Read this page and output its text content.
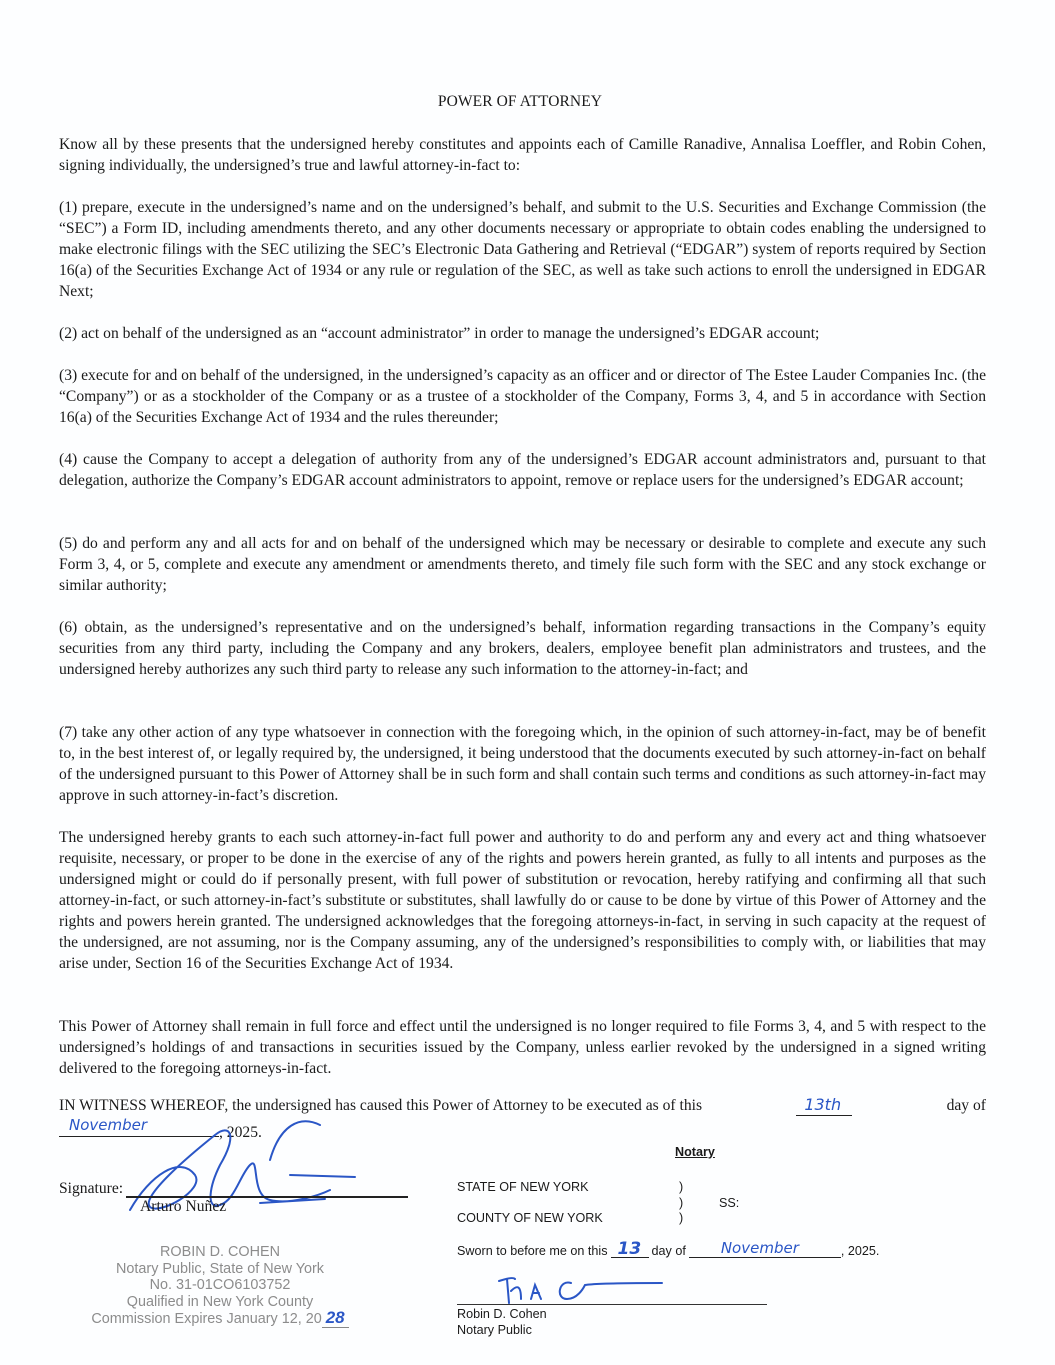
POWER OF ATTORNEY

Know all by these presents that the undersigned hereby constitutes and appoints each of Camille Ranadive, Annalisa Loeffler, and Robin Cohen, signing individually, the undersigned’s true and lawful attorney-in-fact to:

(1) prepare, execute in the undersigned’s name and on the undersigned’s behalf, and submit to the U.S. Securities and Exchange Commission (the “SEC”) a Form ID, including amendments thereto, and any other documents necessary or appropriate to obtain codes enabling the undersigned to make electronic filings with the SEC utilizing the SEC’s Electronic Data Gathering and Retrieval (“EDGAR”) system of reports required by Section 16(a) of the Securities Exchange Act of 1934 or any rule or regulation of the SEC, as well as take such actions to enroll the undersigned in EDGAR Next;

(2) act on behalf of the undersigned as an “account administrator” in order to manage the undersigned’s EDGAR account;

(3) execute for and on behalf of the undersigned, in the undersigned’s capacity as an officer and or director of The Estee Lauder Companies Inc. (the “Company”) or as a stockholder of the Company or as a trustee of a stockholder of the Company, Forms 3, 4, and 5 in accordance with Section 16(a) of the Securities Exchange Act of 1934 and the rules thereunder;

(4) cause the Company to accept a delegation of authority from any of the undersigned’s EDGAR account administrators and, pursuant to that delegation, authorize the Company’s EDGAR account administrators to appoint, remove or replace users for the undersigned’s EDGAR account;

(5) do and perform any and all acts for and on behalf of the undersigned which may be necessary or desirable to complete and execute any such Form 3, 4, or 5, complete and execute any amendment or amendments thereto, and timely file such form with the SEC and any stock exchange or similar authority;

(6) obtain, as the undersigned’s representative and on the undersigned’s behalf, information regarding transactions in the Company’s equity securities from any third party, including the Company and any brokers, dealers, employee benefit plan administrators and trustees, and the undersigned hereby authorizes any such third party to release any such information to the attorney-in-fact; and

(7) take any other action of any type whatsoever in connection with the foregoing which, in the opinion of such attorney-in-fact, may be of benefit to, in the best interest of, or legally required by, the undersigned, it being understood that the documents executed by such attorney-in-fact on behalf of the undersigned pursuant to this Power of Attorney shall be in such form and shall contain such terms and conditions as such attorney-in-fact may approve in such attorney-in-fact’s discretion.

The undersigned hereby grants to each such attorney-in-fact full power and authority to do and perform any and every act and thing whatsoever requisite, necessary, or proper to be done in the exercise of any of the rights and powers herein granted, as fully to all intents and purposes as the undersigned might or could do if personally present, with full power of substitution or revocation, hereby ratifying and confirming all that such attorney-in-fact, or such attorney-in-fact’s substitute or substitutes, shall lawfully do or cause to be done by virtue of this Power of Attorney and the rights and powers herein granted. The undersigned acknowledges that the foregoing attorneys-in-fact, in serving in such capacity at the request of the undersigned, are not assuming, nor is the Company assuming, any of the undersigned’s responsibilities to comply with, or liabilities that may arise under, Section 16 of the Securities Exchange Act of 1934.

This Power of Attorney shall remain in full force and effect until the undersigned is no longer required to file Forms 3, 4, and 5 with respect to the undersigned’s holdings of and transactions in securities issued by the Company, unless earlier revoked by the undersigned in a signed writing delivered to the foregoing attorneys-in-fact.

IN WITNESS WHEREOF, the undersigned has caused this Power of Attorney to be executed as of this	13th	day of
November	, 2025.
Signature:
Arturo Nuñez
ROBIN D. COHEN
Notary Public, State of New York
No. 31-01CO6103752
Qualified in New York County
Commission Expires January 12, 20 28
Notary
STATE OF NEW YORK	)
)	SS:
COUNTY OF NEW YORK	)
Sworn to before me on this 13 day of November	, 2025.
Robin D. Cohen
Notary Public
